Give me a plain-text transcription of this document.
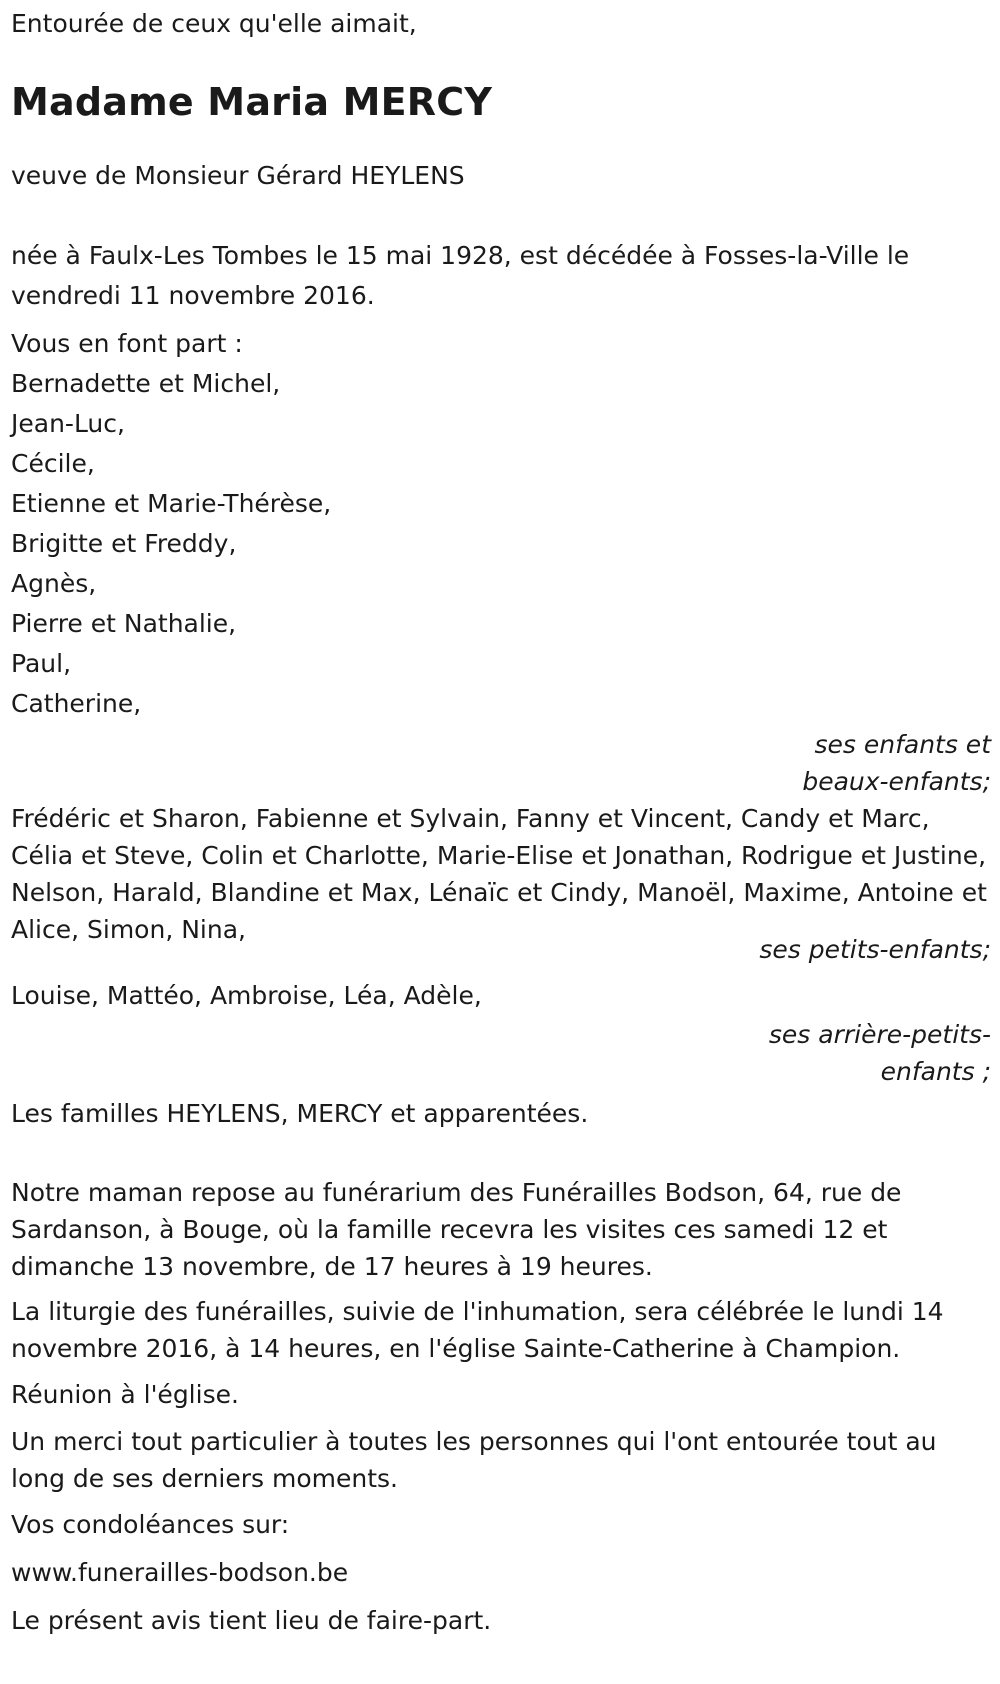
Entourée de ceux qu'elle aimait,

Madame Maria MERCY

veuve de Monsieur Gérard HEYLENS

née à Faulx-Les Tombes le 15 mai 1928, est décédée à Fosses-la-Ville le vendredi 11 novembre 2016.

Vous en font part :

Bernadette et Michel,
Jean-Luc,
Cécile,
Etienne et Marie-Thérèse,
Brigitte et Freddy,
Agnès,
Pierre et Nathalie,
Paul,
Catherine,

ses enfants et

beaux-enfants;

Frédéric et Sharon, Fabienne et Sylvain, Fanny et Vincent, Candy et Marc, Célia et Steve, Colin et Charlotte, Marie-Elise et Jonathan, Rodrigue et Justine, Nelson, Harald, Blandine et Max, Lénaïc et Cindy, Manoël, Maxime, Antoine et Alice, Simon, Nina,

ses petits-enfants;

Louise, Mattéo, Ambroise, Léa, Adèle,

ses arrière-petits-

enfants ;

Les familles HEYLENS, MERCY et apparentées.

Notre maman repose au funérarium des Funérailles Bodson, 64, rue de Sardanson, à Bouge, où la famille recevra les visites ces samedi 12 et dimanche 13 novembre, de 17 heures à 19 heures.

La liturgie des funérailles, suivie de l'inhumation, sera célébrée le lundi 14 novembre 2016, à 14 heures, en l'église Sainte-Catherine à Champion.

Réunion à l'église.

Un merci tout particulier à toutes les personnes qui l'ont entourée tout au long de ses derniers moments.

Vos condoléances sur:

www.funerailles-bodson.be

Le présent avis tient lieu de faire-part.
